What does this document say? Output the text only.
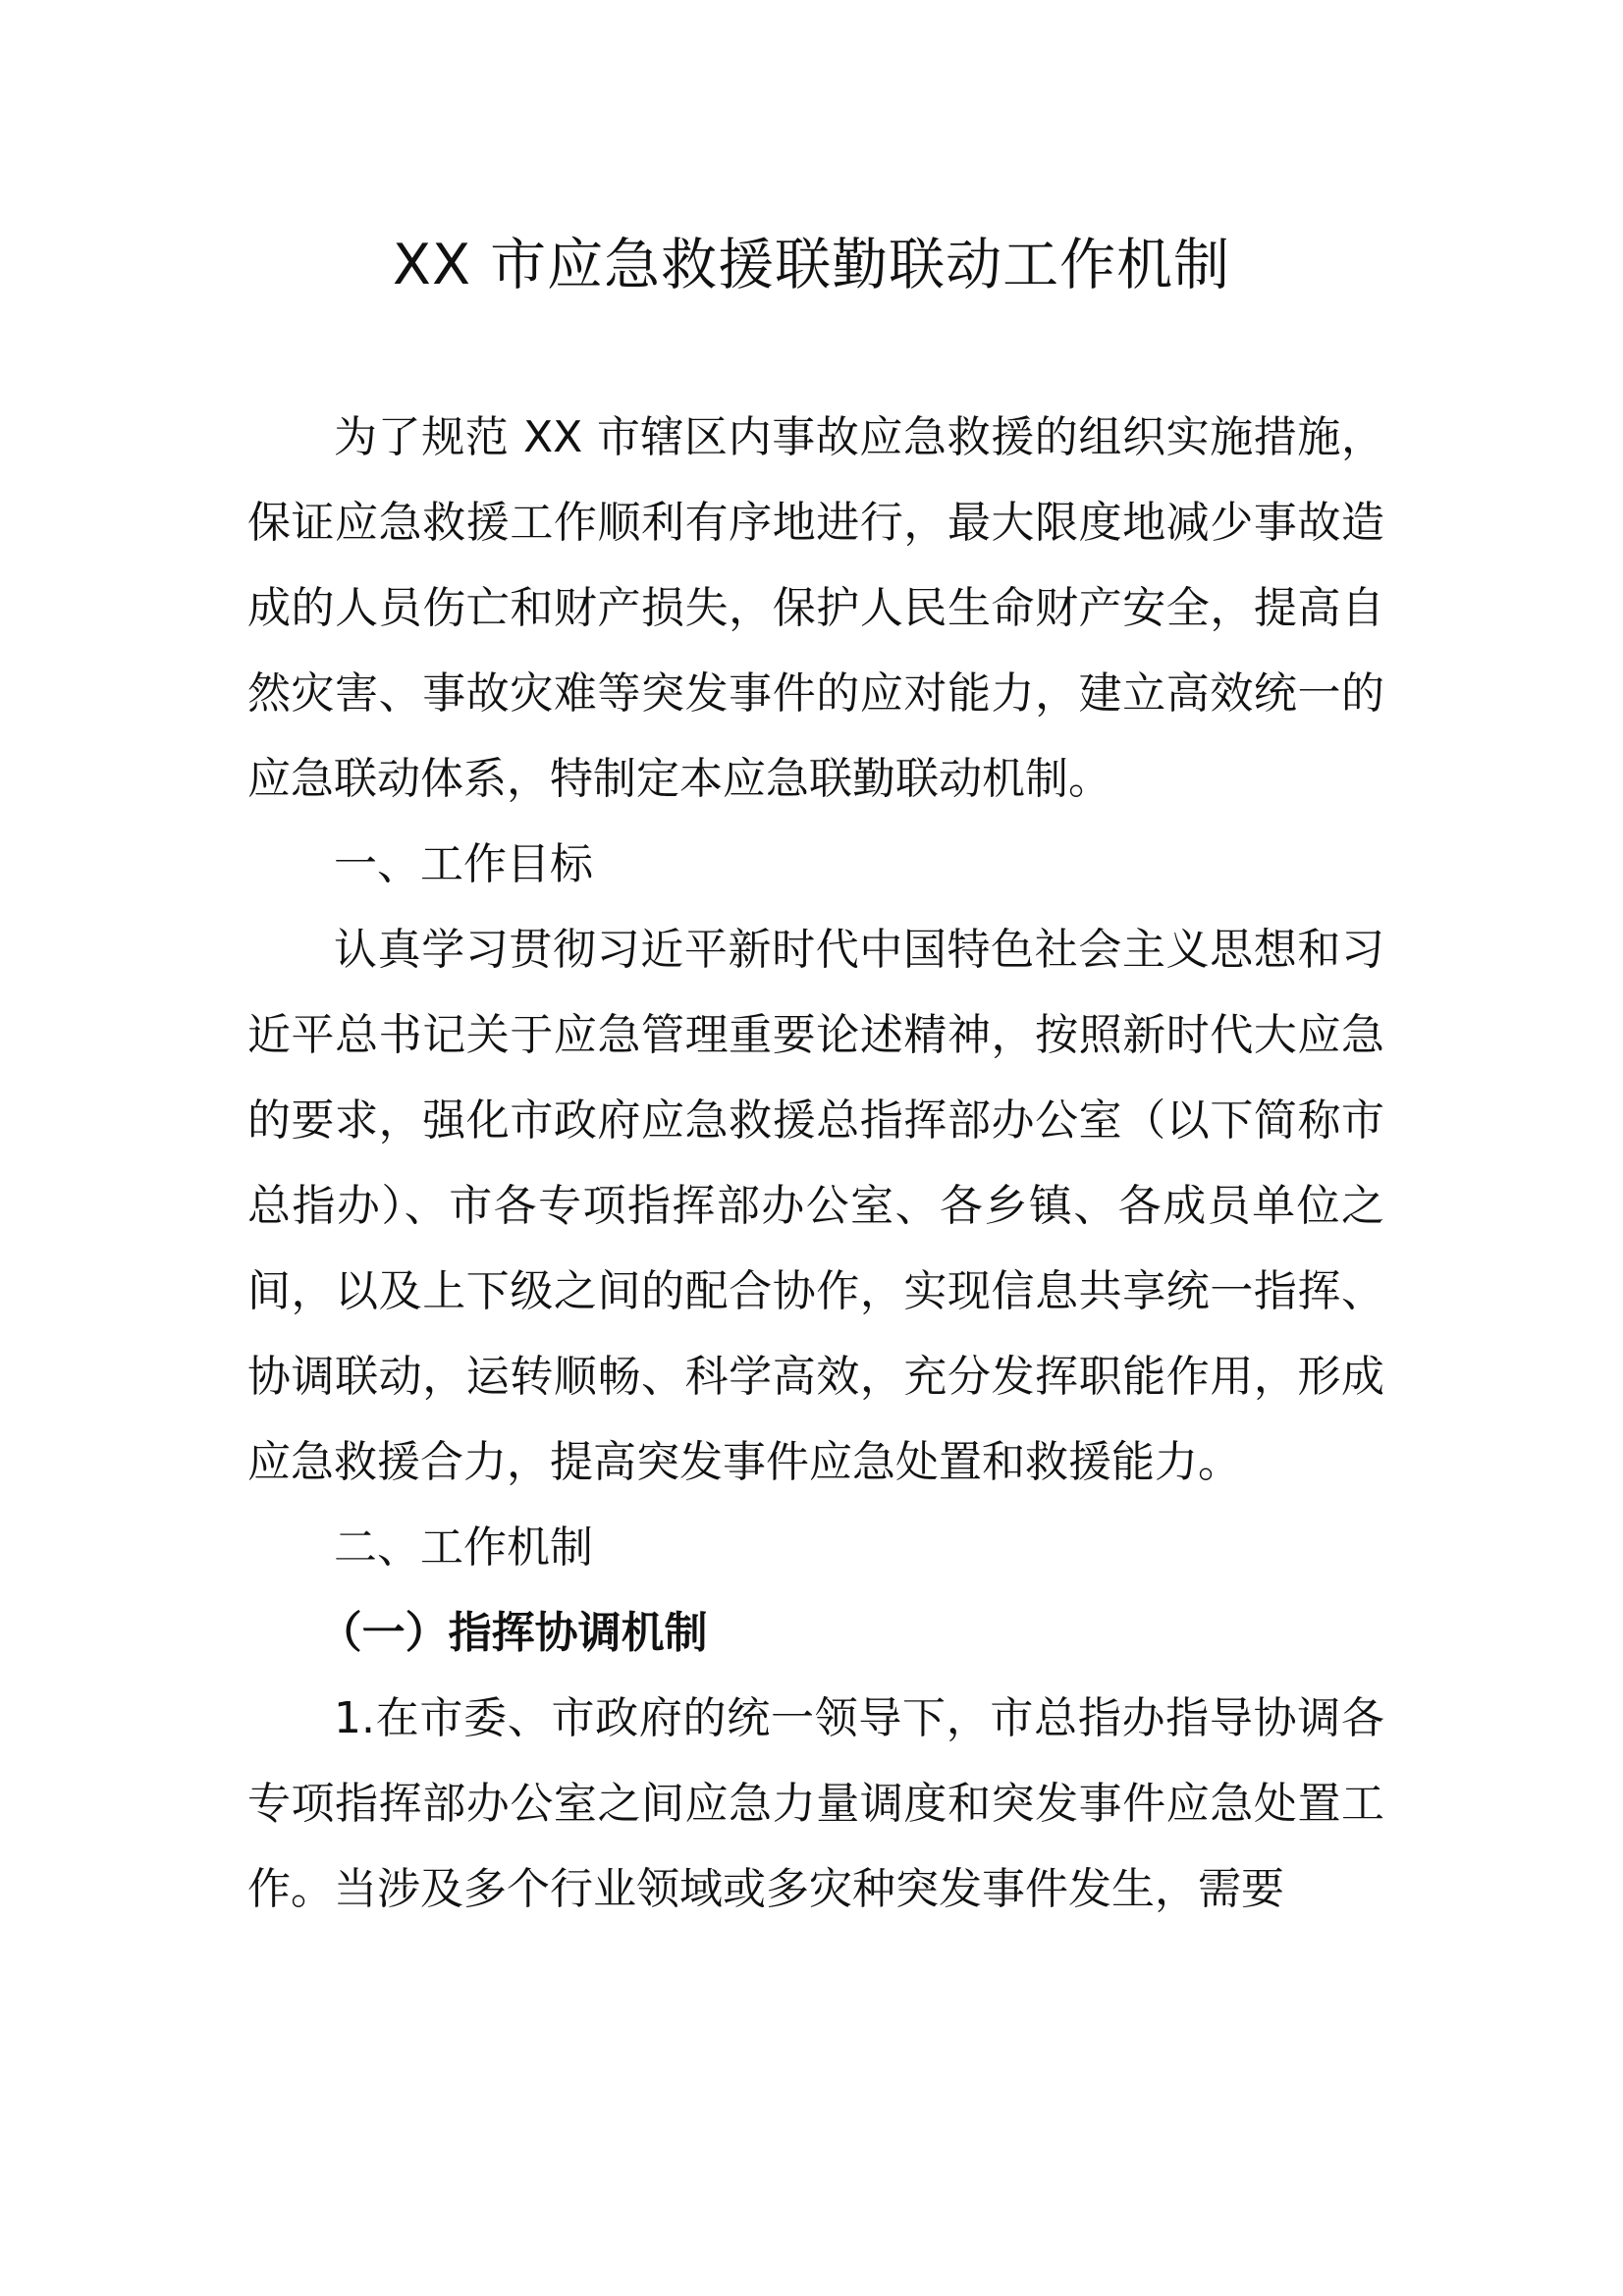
XX 市应急救援联勤联动工作机制

为了规范 XX 市辖区内事故应急救援的组织实施措施，保证应急救援工作顺利有序地进行，最大限度地减少事故造成的人员伤亡和财产损失，保护人民生命财产安全，提高自然灾害、事故灾难等突发事件的应对能力，建立高效统一的应急联动体系，特制定本应急联勤联动机制。

一、工作目标

认真学习贯彻习近平新时代中国特色社会主义思想和习近平总书记关于应急管理重要论述精神，按照新时代大应急的要求，强化市政府应急救援总指挥部办公室（以下简称市总指办）、市各专项指挥部办公室、各乡镇、各成员单位之间，以及上下级之间的配合协作，实现信息共享统一指挥、协调联动，运转顺畅、科学高效，充分发挥职能作用，形成应急救援合力，提高突发事件应急处置和救援能力。

二、工作机制

（一）指挥协调机制

1.在市委、市政府的统一领导下，市总指办指导协调各专项指挥部办公室之间应急力量调度和突发事件应急处置工作。当涉及多个行业领域或多灾种突发事件发生，需要
